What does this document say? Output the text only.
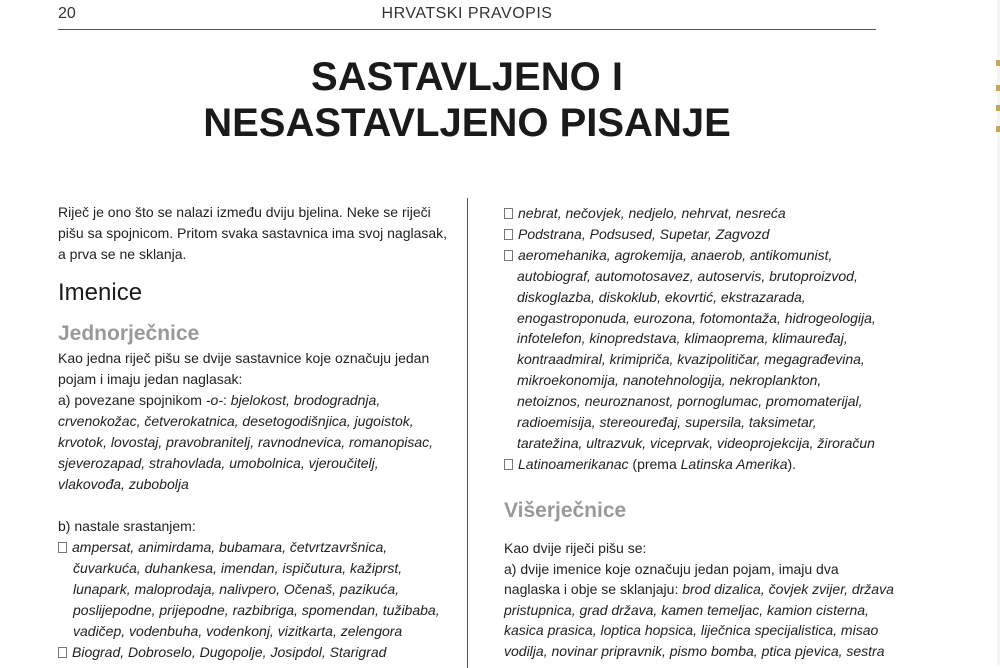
20	HRVATSKI PRAVOPIS
SASTAVLJENO I
NESASTAVLJENO PISANJE
Imenice
Jednorječnice
b) nastale srastanjem:
Riječ je ono što se nalazi između dviju bjelina. Neke se riječi
pišu sa spojnicom. Pritom svaka sastavnica ima svoj naglasak,
a prva se ne sklanja.
Kao jedna riječ pišu se dvije sastavnice koje označuju jedan
pojam i imaju jedan naglasak:
a) povezane spojnikom -o-: bjelokost, brodogradnja,
crvenokožac, četverokatnica, desetogodišnjica, jugoistok,
krvotok, lovostaj, pravobranitelj, ravnodnevica, romanopisac,
sjeverozapad, strahovlada, umobolnica, vjeroučitelj,
vlakovođa, zubobolja
ampersat, animirdama, bubamara, četvrtzavršnica,
čuvarkuća, duhankesa, imendan, ispičutura, kažiprst,
lunapark, maloprodaja, nalivpero, Očenaš, pazikuća,
poslijepodne, prijepodne, razbibriga, spomendan, tužibaba,
vadičep, vodenbuha, vodenkonj, vizitkarta, zelengora
Biograd, Dobroselo, Dugopolje, Josipdol, Starigrad
Višerječnice
nebrat, nečovjek, nedjelo, nehrvat, nesreća
Podstrana, Podsused, Supetar, Zagvozd
aeromehanika, agrokemija, anaerob, antikomunist,
autobiograf, automotosavez, autoservis, brutoproizvod,
diskoglazba, diskoklub, ekovrtić, ekstrazarada,
enogastroponuda, eurozona, fotomontaža, hidrogeologija,
infotelefon, kinopredstava, klimaoprema, klimauređaj,
kontraadmiral, krimipriča, kvazipolitičar, megagrađevina,
mikroekonomija, nanotehnologija, nekroplankton,
netoiznos, neuroznanost, pornoglumac, promomaterijal,
radioemisija, stereouređaj, supersila, taksimetar,
taratežina, ultrazvuk, viceprvak, videoprojekcija, žiroračun
Latinoamerikanac (prema Latinska Amerika).
Kao dvije riječi pišu se:
a) dvije imenice koje označuju jedan pojam, imaju dva
naglaska i obje se sklanjaju: brod dizalica, čovjek zvijer, država
pristupnica, grad država, kamen temeljac, kamion cisterna,
kasica prasica, loptica hopsica, liječnica specijalistica, misao
vodilja, novinar pripravnik, pismo bomba, ptica pjevica, sestra
